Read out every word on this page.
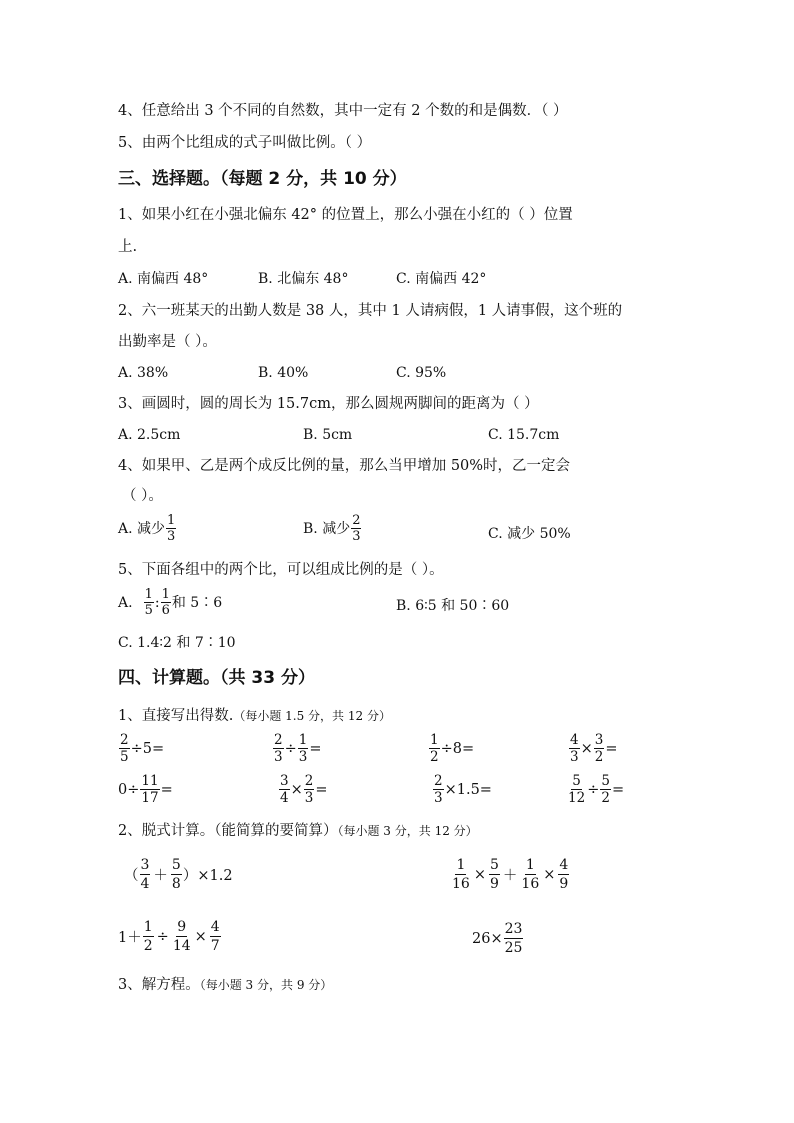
4、任意给出 3 个不同的自然数，其中一定有 2 个数的和是偶数．（ ）
5、由两个比组成的式子叫做比例。（ ）
三、选择题。（每题 2 分，共 10 分）
1、如果小红在小强北偏东 42° 的位置上，那么小强在小红的（ ）位置
上.
A. 南偏西 48°	B. 北偏东 48°	C. 南偏西 42°
2、六一班某天的出勤人数是 38 人，其中 1 人请病假，1 人请事假，这个班的
出勤率是（ ）。
A. 38%	B. 40%	C. 95%
3、画圆时，圆的周长为 15.7cm，那么圆规两脚间的距离为（ ）
A. 2.5cm	B. 5cm	C. 15.7cm
4、如果甲、乙是两个成反比例的量，那么当甲增加 50%时，乙一定会
（ ）。
A. 减少 1
3	B. 减少 2
3	C. 减少 50%
5、下面各组中的两个比，可以组成比例的是（ ）。
A. 1
5 : 1
6 和 5∶6	B. 6∶5 和 50∶60
C. 1.4∶2 和 7∶10
四、计算题。（共 33 分）
1、直接写出得数.（每小题 1.5 分，共 12 分）
$\frac{2}{5} \div 5=$	$\frac{2}{3} \div \frac{1}{3}$ =	$\frac{1}{2} \div 8=$	$\frac{4}{3} \times \frac{3}{2}$ =
$0\div \frac{11}{17}$ =	$\frac{3}{4} \times \frac{2}{3}$ =	$\frac{2}{3} \times 1.5=$	$\frac{5}{12} \div \frac{5}{2}$ =
2、脱式计算。（能简算的要简算）（每小题 3 分，共 12 分）
（
3
4 ＋
5
8 ）×1.2	$\frac{1}{16} \times \frac{5}{9} + \frac{1}{16} \times \frac{4}{9}$
$1+ \frac{1}{2} \div \frac{9}{14} \times \frac{4}{7}$	$26\times \frac{23}{25}$
3、解方程。（每小题 3 分，共 9 分）
